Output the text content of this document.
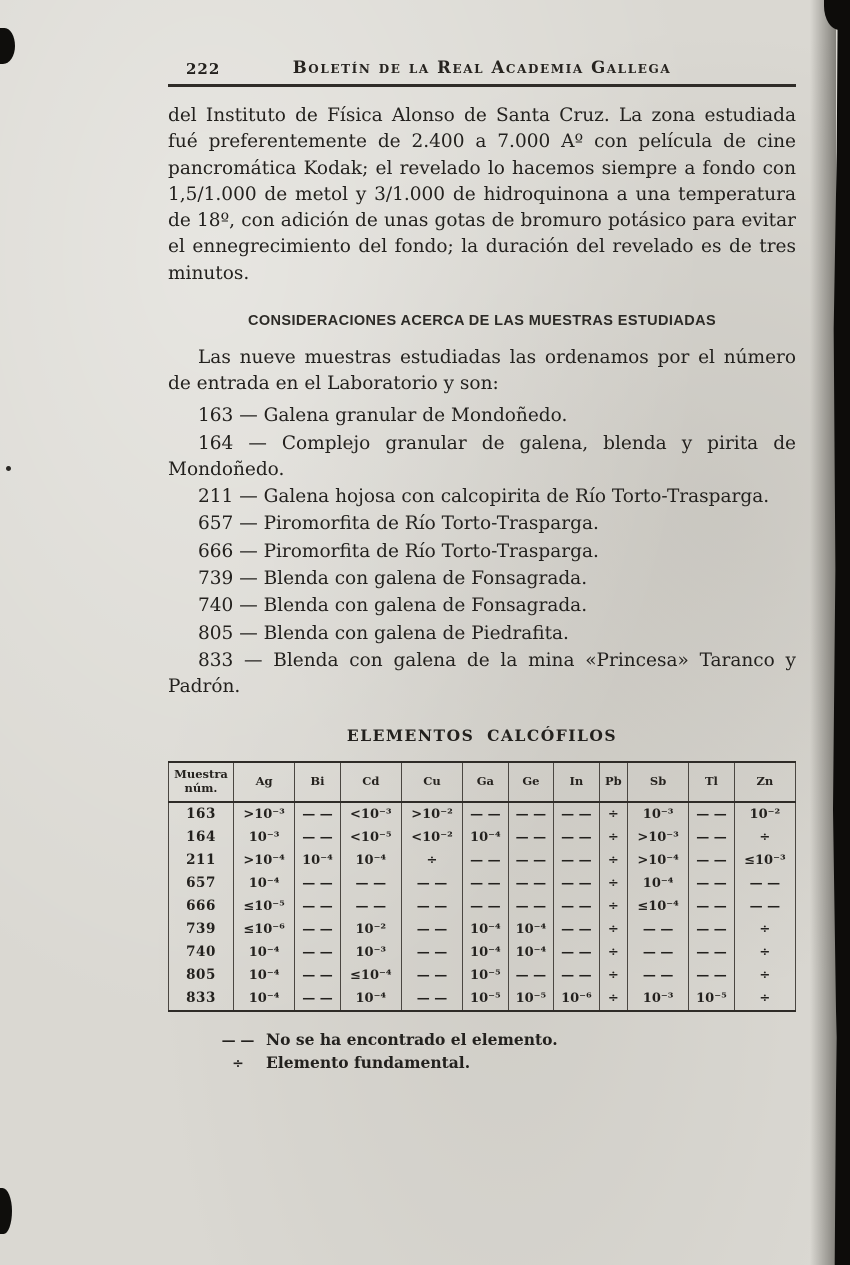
222	Boletín de la Real Academia Gallega

del Instituto de Física Alonso de Santa Cruz. La zona estudiada fué preferentemente de 2.400 a 7.000 Aº con película de cine pancromática Kodak; el revelado lo hacemos siempre a fondo con 1,5/1.000 de metol y 3/1.000 de hidroquinona a una temperatura de 18º, con adición de unas gotas de bromuro potásico para evitar el ennegrecimiento del fondo; la duración del revelado es de tres minutos.

CONSIDERACIONES ACERCA DE LAS MUESTRAS ESTUDIADAS

Las nueve muestras estudiadas las ordenamos por el número de entrada en el Laboratorio y son:

163 — Galena granular de Mondoñedo.

164 — Complejo granular de galena, blenda y pirita de Mondoñedo.

211 — Galena hojosa con calcopirita de Río Torto-Trasparga.

657 — Piromorfita de Río Torto-Trasparga.

666 — Piromorfita de Río Torto-Trasparga.

739 — Blenda con galena de Fonsagrada.

740 — Blenda con galena de Fonsagrada.

805 — Blenda con galena de Piedrafita.

833 — Blenda con galena de la mina «Princesa» Taranco y Padrón.

ELEMENTOS CALCÓFILOS
Muestra núm.	Ag	Bi	Cd	Cu	Ga	Ge	In	Pb	Sb	Tl	Zn
163	>10⁻³	— —	<10⁻³	>10⁻²	— —	— —	— —	÷	10⁻³	— —	10⁻²
164	10⁻³	— —	<10⁻⁵	<10⁻²	10⁻⁴	— —	— —	÷	>10⁻³	— —	÷
211	>10⁻⁴	10⁻⁴	10⁻⁴	÷	— —	— —	— —	÷	>10⁻⁴	— —	≤10⁻³
657	10⁻⁴	— —	— —	— —	— —	— —	— —	÷	10⁻⁴	— —	— —
666	≤10⁻⁵	— —	— —	— —	— —	— —	— —	÷	≤10⁻⁴	— —	— —
739	≤10⁻⁶	— —	10⁻²	— —	10⁻⁴	10⁻⁴	— —	÷	— —	— —	÷
740	10⁻⁴	— —	10⁻³	— —	10⁻⁴	10⁻⁴	— —	÷	— —	— —	÷
805	10⁻⁴	— —	≤10⁻⁴	— —	10⁻⁵	— —	— —	÷	— —	— —	÷
833	10⁻⁴	— —	10⁻⁴	— —	10⁻⁵	10⁻⁵	10⁻⁶	÷	10⁻³	10⁻⁵	÷
— — No se ha encontrado el elemento.
÷	Elemento fundamental.
